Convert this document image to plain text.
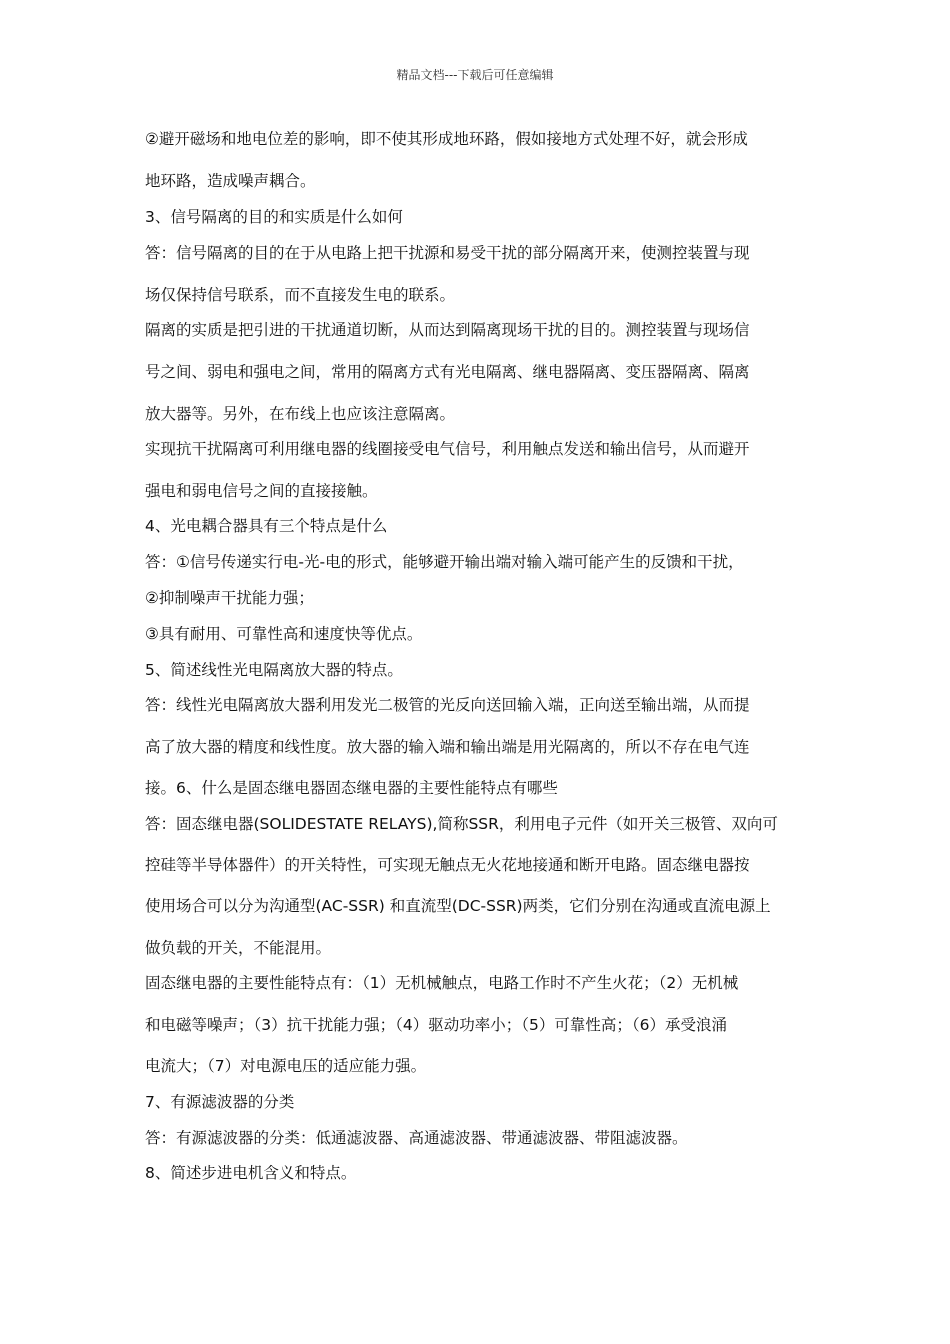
精品文档---下载后可任意编辑
②避开磁场和地电位差的影响，即不使其形成地环路，假如接地方式处理不好，就会形成
地环路，造成噪声耦合。
3、信号隔离的目的和实质是什么如何
答：信号隔离的目的在于从电路上把干扰源和易受干扰的部分隔离开来，使测控装置与现
场仅保持信号联系，而不直接发生电的联系。
隔离的实质是把引进的干扰通道切断，从而达到隔离现场干扰的目的。测控装置与现场信
号之间、弱电和强电之间，常用的隔离方式有光电隔离、继电器隔离、变压器隔离、隔离
放大器等。另外，在布线上也应该注意隔离。
实现抗干扰隔离可利用继电器的线圈接受电气信号，利用触点发送和输出信号，从而避开
强电和弱电信号之间的直接接触。
4、光电耦合器具有三个特点是什么
答：①信号传递实行电-光-电的形式，能够避开输出端对输入端可能产生的反馈和干扰，
②抑制噪声干扰能力强；
③具有耐用、可靠性高和速度快等优点。
5、简述线性光电隔离放大器的特点。
答：线性光电隔离放大器利用发光二极管的光反向送回输入端，正向送至输出端，从而提
高了放大器的精度和线性度。放大器的输入端和输出端是用光隔离的，所以不存在电气连
接。6、什么是固态继电器固态继电器的主要性能特点有哪些
答：固态继电器(SOLIDESTATE RELAYS),简称SSR，利用电子元件（如开关三极管、双向可
控硅等半导体器件）的开关特性，可实现无触点无火花地接通和断开电路。固态继电器按
使用场合可以分为沟通型(AC-SSR) 和直流型(DC-SSR)两类，它们分别在沟通或直流电源上
做负载的开关，不能混用。
固态继电器的主要性能特点有：（1）无机械触点，电路工作时不产生火花；（2）无机械
和电磁等噪声；（3）抗干扰能力强；（4）驱动功率小；（5）可靠性高；（6）承受浪涌
电流大；（7）对电源电压的适应能力强。
7、有源滤波器的分类
答：有源滤波器的分类：低通滤波器、高通滤波器、带通滤波器、带阻滤波器。
8、简述步进电机含义和特点。
